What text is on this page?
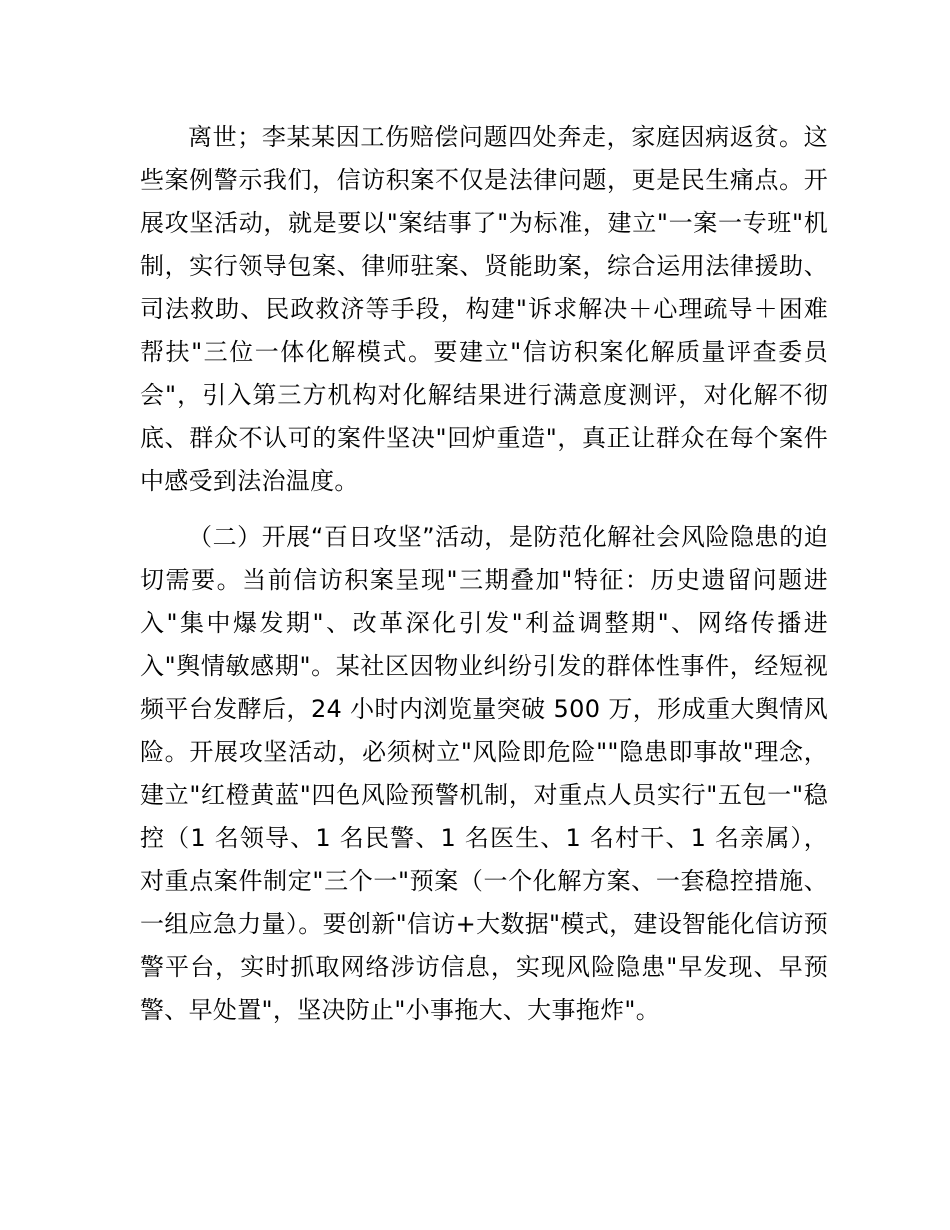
离世；李某某因工伤赔偿问题四处奔走，家庭因病返贫。这些案例警示我们，信访积案不仅是法律问题，更是民生痛点。开展攻坚活动，就是要以"案结事了"为标准，建立"一案一专班"机制，实行领导包案、律师驻案、贤能助案，综合运用法律援助、司法救助、民政救济等手段，构建"诉求解决＋心理疏导＋困难帮扶"三位一体化解模式。要建立"信访积案化解质量评查委员会"，引入第三方机构对化解结果进行满意度测评，对化解不彻底、群众不认可的案件坚决"回炉重造"，真正让群众在每个案件中感受到法治温度。

（二）开展“百日攻坚”活动，是防范化解社会风险隐患的迫切需要。当前信访积案呈现"三期叠加"特征：历史遗留问题进入"集中爆发期"、改革深化引发"利益调整期"、网络传播进入"舆情敏感期"。某社区因物业纠纷引发的群体性事件，经短视频平台发酵后，24 小时内浏览量突破 500 万，形成重大舆情风险。开展攻坚活动，必须树立"风险即危险""隐患即事故"理念，建立"红橙黄蓝"四色风险预警机制，对重点人员实行"五包一"稳控（1 名领导、1 名民警、1 名医生、1 名村干、1 名亲属），对重点案件制定"三个一"预案（一个化解方案、一套稳控措施、一组应急力量）。要创新"信访+大数据"模式，建设智能化信访预警平台，实时抓取网络涉访信息，实现风险隐患"早发现、早预警、早处置"，坚决防止"小事拖大、大事拖炸"。
